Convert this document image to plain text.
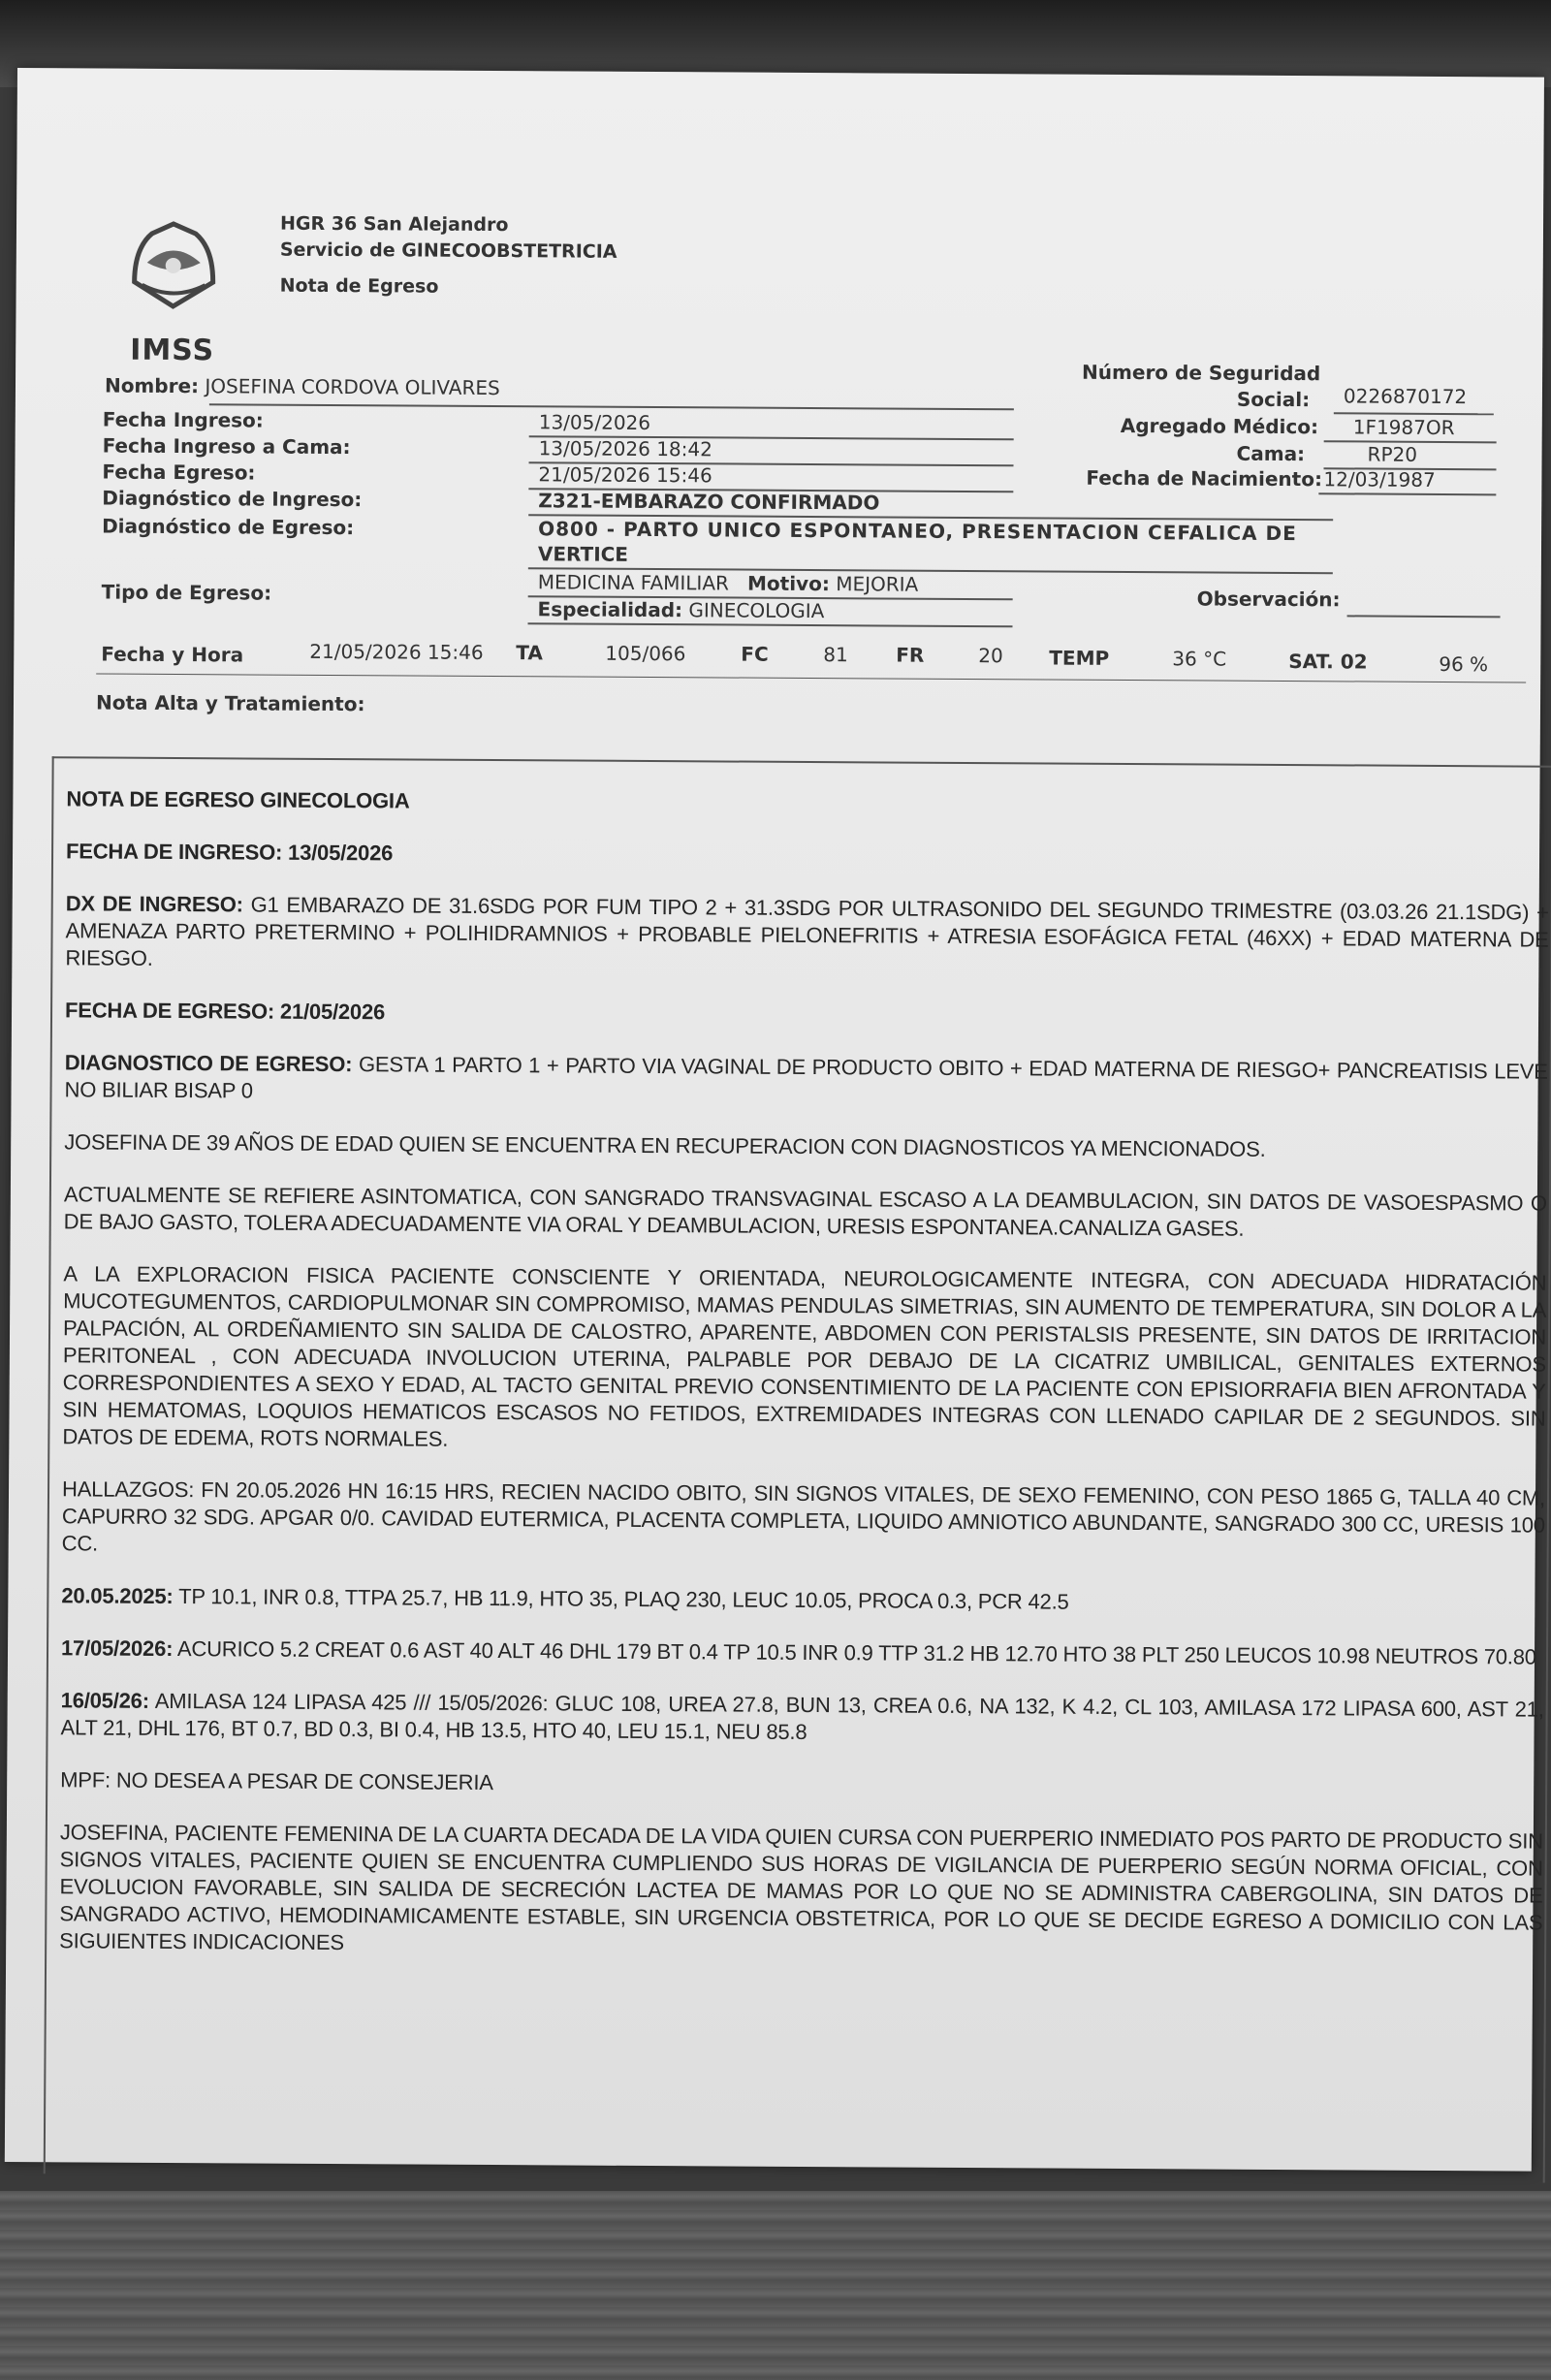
IMSS
HGR 36 San Alejandro
Servicio de GINECOOBSTETRICIA
Nota de Egreso
Nombre: JOSEFINA CORDOVA OLIVARES
Número de Seguridad
Social: 0226870172
Fecha Ingreso:	13/05/2026	Agregado Médico: 1F1987OR
Fecha Ingreso a Cama:	13/05/2026 18:42	Cama:	RP20
Fecha Egreso:	21/05/2026 15:46	Fecha de Nacimiento: 12/03/1987
Diagnóstico de Ingreso:	Z321-EMBARAZO CONFIRMADO
Diagnóstico de Egreso:	O800 - PARTO UNICO ESPONTANEO, PRESENTACION CEFALICA DE
VERTICE
Tipo de Egreso:	MEDICINA FAMILIAR Motivo: MEJORIA
Especialidad: GINECOLOGIA	Observación:
Fecha y Hora	21/05/2026 15:46 TA	105/066	FC	81 FR	20 TEMP	36 °C	SAT. 02	96 %
Nota Alta y Tratamiento:

NOTA DE EGRESO GINECOLOGIA

FECHA DE INGRESO: 13/05/2026

DX DE INGRESO: G1 EMBARAZO DE 31.6SDG POR FUM TIPO 2 + 31.3SDG POR ULTRASONIDO DEL SEGUNDO TRIMESTRE (03.03.26 21.1SDG) + AMENAZA PARTO PRETERMINO + POLIHIDRAMNIOS + PROBABLE PIELONEFRITIS + ATRESIA ESOFÁGICA FETAL (46XX) + EDAD MATERNA DE RIESGO.

FECHA DE EGRESO: 21/05/2026

DIAGNOSTICO DE EGRESO: GESTA 1 PARTO 1 + PARTO VIA VAGINAL DE PRODUCTO OBITO + EDAD MATERNA DE RIESGO+ PANCREATISIS LEVE NO BILIAR BISAP 0

JOSEFINA DE 39 AÑOS DE EDAD QUIEN SE ENCUENTRA EN RECUPERACION CON DIAGNOSTICOS YA MENCIONADOS.

ACTUALMENTE SE REFIERE ASINTOMATICA, CON SANGRADO TRANSVAGINAL ESCASO A LA DEAMBULACION, SIN DATOS DE VASOESPASMO O DE BAJO GASTO, TOLERA ADECUADAMENTE VIA ORAL Y DEAMBULACION, URESIS ESPONTANEA.CANALIZA GASES.

A LA EXPLORACION FISICA PACIENTE CONSCIENTE Y ORIENTADA, NEUROLOGICAMENTE INTEGRA, CON ADECUADA HIDRATACIÓN MUCOTEGUMENTOS, CARDIOPULMONAR SIN COMPROMISO, MAMAS PENDULAS SIMETRIAS, SIN AUMENTO DE TEMPERATURA, SIN DOLOR A LA PALPACIÓN, AL ORDEÑAMIENTO SIN SALIDA DE CALOSTRO, APARENTE, ABDOMEN CON PERISTALSIS PRESENTE, SIN DATOS DE IRRITACION PERITONEAL , CON ADECUADA INVOLUCION UTERINA, PALPABLE POR DEBAJO DE LA CICATRIZ UMBILICAL, GENITALES EXTERNOS CORRESPONDIENTES A SEXO Y EDAD, AL TACTO GENITAL PREVIO CONSENTIMIENTO DE LA PACIENTE CON EPISIORRAFIA BIEN AFRONTADA Y SIN HEMATOMAS, LOQUIOS HEMATICOS ESCASOS NO FETIDOS, EXTREMIDADES INTEGRAS CON LLENADO CAPILAR DE 2 SEGUNDOS. SIN DATOS DE EDEMA, ROTS NORMALES.

HALLAZGOS: FN 20.05.2026 HN 16:15 HRS, RECIEN NACIDO OBITO, SIN SIGNOS VITALES, DE SEXO FEMENINO, CON PESO 1865 G, TALLA 40 CM, CAPURRO 32 SDG. APGAR 0/0. CAVIDAD EUTERMICA, PLACENTA COMPLETA, LIQUIDO AMNIOTICO ABUNDANTE, SANGRADO 300 CC, URESIS 100 CC.

20.05.2025: TP 10.1, INR 0.8, TTPA 25.7, HB 11.9, HTO 35, PLAQ 230, LEUC 10.05, PROCA 0.3, PCR 42.5

17/05/2026: ACURICO 5.2 CREAT 0.6 AST 40 ALT 46 DHL 179 BT 0.4 TP 10.5 INR 0.9 TTP 31.2 HB 12.70 HTO 38 PLT 250 LEUCOS 10.98 NEUTROS 70.80

16/05/26: AMILASA 124 LIPASA 425 /// 15/05/2026: GLUC 108, UREA 27.8, BUN 13, CREA 0.6, NA 132, K 4.2, CL 103, AMILASA 172 LIPASA 600, AST 21, ALT 21, DHL 176, BT 0.7, BD 0.3, BI 0.4, HB 13.5, HTO 40, LEU 15.1, NEU 85.8

MPF: NO DESEA A PESAR DE CONSEJERIA

JOSEFINA, PACIENTE FEMENINA DE LA CUARTA DECADA DE LA VIDA QUIEN CURSA CON PUERPERIO INMEDIATO POS PARTO DE PRODUCTO SIN SIGNOS VITALES, PACIENTE QUIEN SE ENCUENTRA CUMPLIENDO SUS HORAS DE VIGILANCIA DE PUERPERIO SEGÚN NORMA OFICIAL, CON EVOLUCION FAVORABLE, SIN SALIDA DE SECRECIÓN LACTEA DE MAMAS POR LO QUE NO SE ADMINISTRA CABERGOLINA, SIN DATOS DE SANGRADO ACTIVO, HEMODINAMICAMENTE ESTABLE, SIN URGENCIA OBSTETRICA, POR LO QUE SE DECIDE EGRESO A DOMICILIO CON LAS SIGUIENTES INDICACIONES
